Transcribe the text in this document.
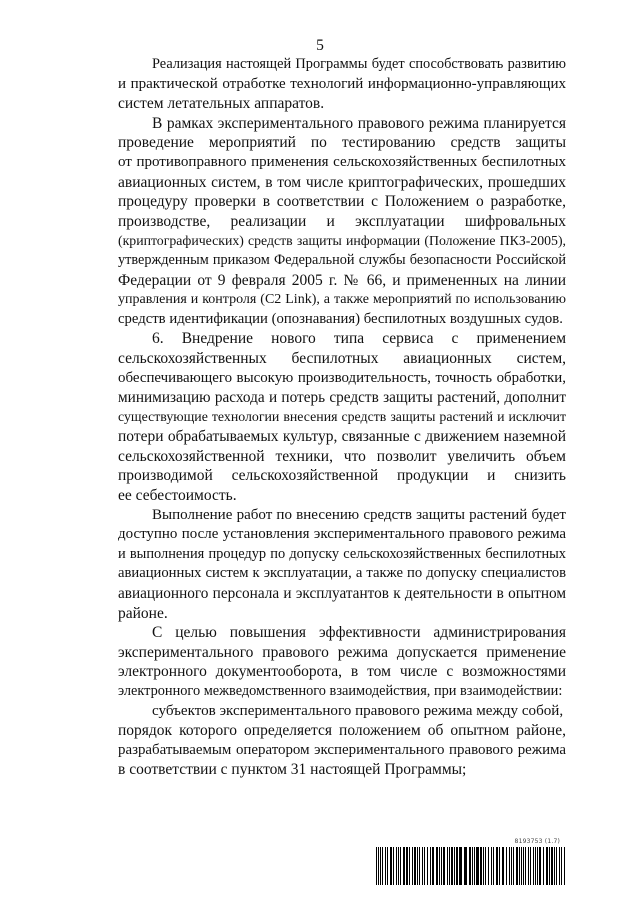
5

Реализация настоящей Программы будет способствовать развитию
и практической отработке технологий информационно-управляющих
систем летательных аппаратов.

В рамках экспериментального правового режима планируется
проведение мероприятий по тестированию средств защиты
от противоправного применения сельскохозяйственных беспилотных
авиационных систем, в том числе криптографических, прошедших
процедуру проверки в соответствии с Положением о разработке,
производстве, реализации и эксплуатации шифровальных
(криптографических) средств защиты информации (Положение ПКЗ-2005),
утвержденным приказом Федеральной службы безопасности Российской
Федерации от 9 февраля 2005 г. № 66, и примененных на линии
управления и контроля (C2 Link), а также мероприятий по использованию
средств идентификации (опознавания) беспилотных воздушных судов.

6. Внедрение нового типа сервиса с применением
сельскохозяйственных беспилотных авиационных систем,
обеспечивающего высокую производительность, точность обработки,
минимизацию расхода и потерь средств защиты растений, дополнит
существующие технологии внесения средств защиты растений и исключит
потери обрабатываемых культур, связанные с движением наземной
сельскохозяйственной техники, что позволит увеличить объем
производимой сельскохозяйственной продукции и снизить
ее себестоимость.

Выполнение работ по внесению средств защиты растений будет
доступно после установления экспериментального правового режима
и выполнения процедур по допуску сельскохозяйственных беспилотных
авиационных систем к эксплуатации, а также по допуску специалистов
авиационного персонала и эксплуатантов к деятельности в опытном
районе.

С целью повышения эффективности администрирования
экспериментального правового режима допускается применение
электронного документооборота, в том числе с возможностями
электронного межведомственного взаимодействия, при взаимодействии:

субъектов экспериментального правового режима между собой,

порядок которого определяется положением об опытном районе,
разрабатываемым оператором экспериментального правового режима
в соответствии с пунктом 31 настоящей Программы;

8193753 (1.7)
